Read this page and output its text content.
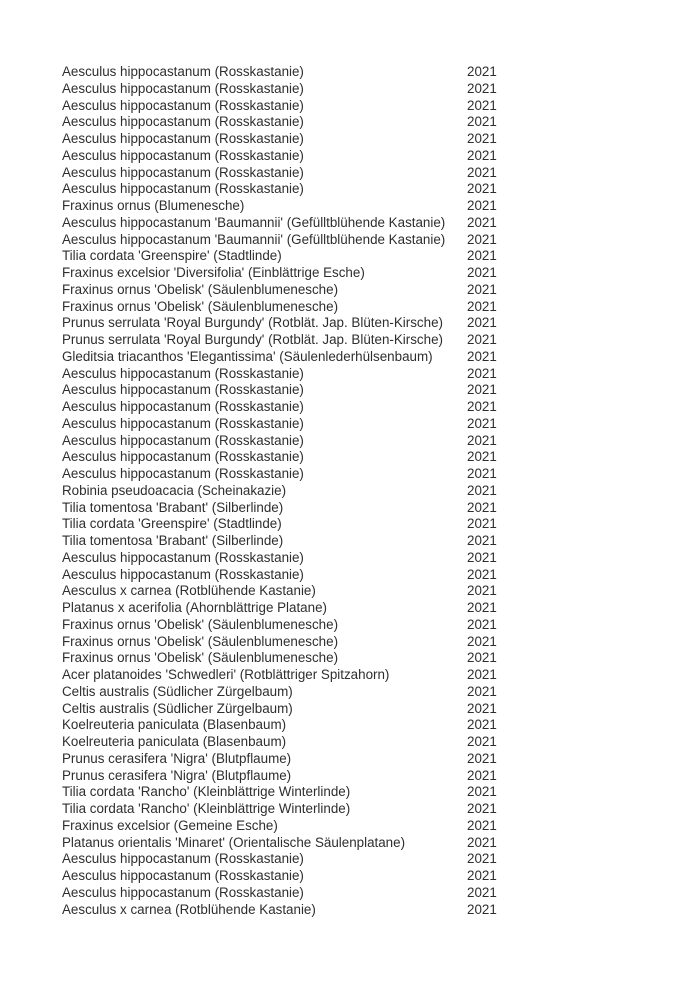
Aesculus hippocastanum (Rosskastanie)	2021
Aesculus hippocastanum (Rosskastanie)	2021
Aesculus hippocastanum (Rosskastanie)	2021
Aesculus hippocastanum (Rosskastanie)	2021
Aesculus hippocastanum (Rosskastanie)	2021
Aesculus hippocastanum (Rosskastanie)	2021
Aesculus hippocastanum (Rosskastanie)	2021
Aesculus hippocastanum (Rosskastanie)	2021
Fraxinus ornus (Blumenesche)	2021
Aesculus hippocastanum 'Baumannii' (Gefülltblühende Kastanie)	2021
Aesculus hippocastanum 'Baumannii' (Gefülltblühende Kastanie)	2021
Tilia cordata 'Greenspire' (Stadtlinde)	2021
Fraxinus excelsior 'Diversifolia' (Einblättrige Esche)	2021
Fraxinus ornus 'Obelisk' (Säulenblumenesche)	2021
Fraxinus ornus 'Obelisk' (Säulenblumenesche)	2021
Prunus serrulata 'Royal Burgundy' (Rotblät. Jap. Blüten-Kirsche)	2021
Prunus serrulata 'Royal Burgundy' (Rotblät. Jap. Blüten-Kirsche)	2021
Gleditsia triacanthos 'Elegantissima' (Säulenlederhülsenbaum)	2021
Aesculus hippocastanum (Rosskastanie)	2021
Aesculus hippocastanum (Rosskastanie)	2021
Aesculus hippocastanum (Rosskastanie)	2021
Aesculus hippocastanum (Rosskastanie)	2021
Aesculus hippocastanum (Rosskastanie)	2021
Aesculus hippocastanum (Rosskastanie)	2021
Aesculus hippocastanum (Rosskastanie)	2021
Robinia pseudoacacia (Scheinakazie)	2021
Tilia tomentosa 'Brabant' (Silberlinde)	2021
Tilia cordata 'Greenspire' (Stadtlinde)	2021
Tilia tomentosa 'Brabant' (Silberlinde)	2021
Aesculus hippocastanum (Rosskastanie)	2021
Aesculus hippocastanum (Rosskastanie)	2021
Aesculus x carnea (Rotblühende Kastanie)	2021
Platanus x acerifolia (Ahornblättrige Platane)	2021
Fraxinus ornus 'Obelisk' (Säulenblumenesche)	2021
Fraxinus ornus 'Obelisk' (Säulenblumenesche)	2021
Fraxinus ornus 'Obelisk' (Säulenblumenesche)	2021
Acer platanoides 'Schwedleri' (Rotblättriger Spitzahorn)	2021
Celtis australis (Südlicher Zürgelbaum)	2021
Celtis australis (Südlicher Zürgelbaum)	2021
Koelreuteria paniculata (Blasenbaum)	2021
Koelreuteria paniculata (Blasenbaum)	2021
Prunus cerasifera 'Nigra' (Blutpflaume)	2021
Prunus cerasifera 'Nigra' (Blutpflaume)	2021
Tilia cordata 'Rancho' (Kleinblättrige Winterlinde)	2021
Tilia cordata 'Rancho' (Kleinblättrige Winterlinde)	2021
Fraxinus excelsior (Gemeine Esche)	2021
Platanus orientalis 'Minaret' (Orientalische Säulenplatane)	2021
Aesculus hippocastanum (Rosskastanie)	2021
Aesculus hippocastanum (Rosskastanie)	2021
Aesculus hippocastanum (Rosskastanie)	2021
Aesculus x carnea (Rotblühende Kastanie)	2021
